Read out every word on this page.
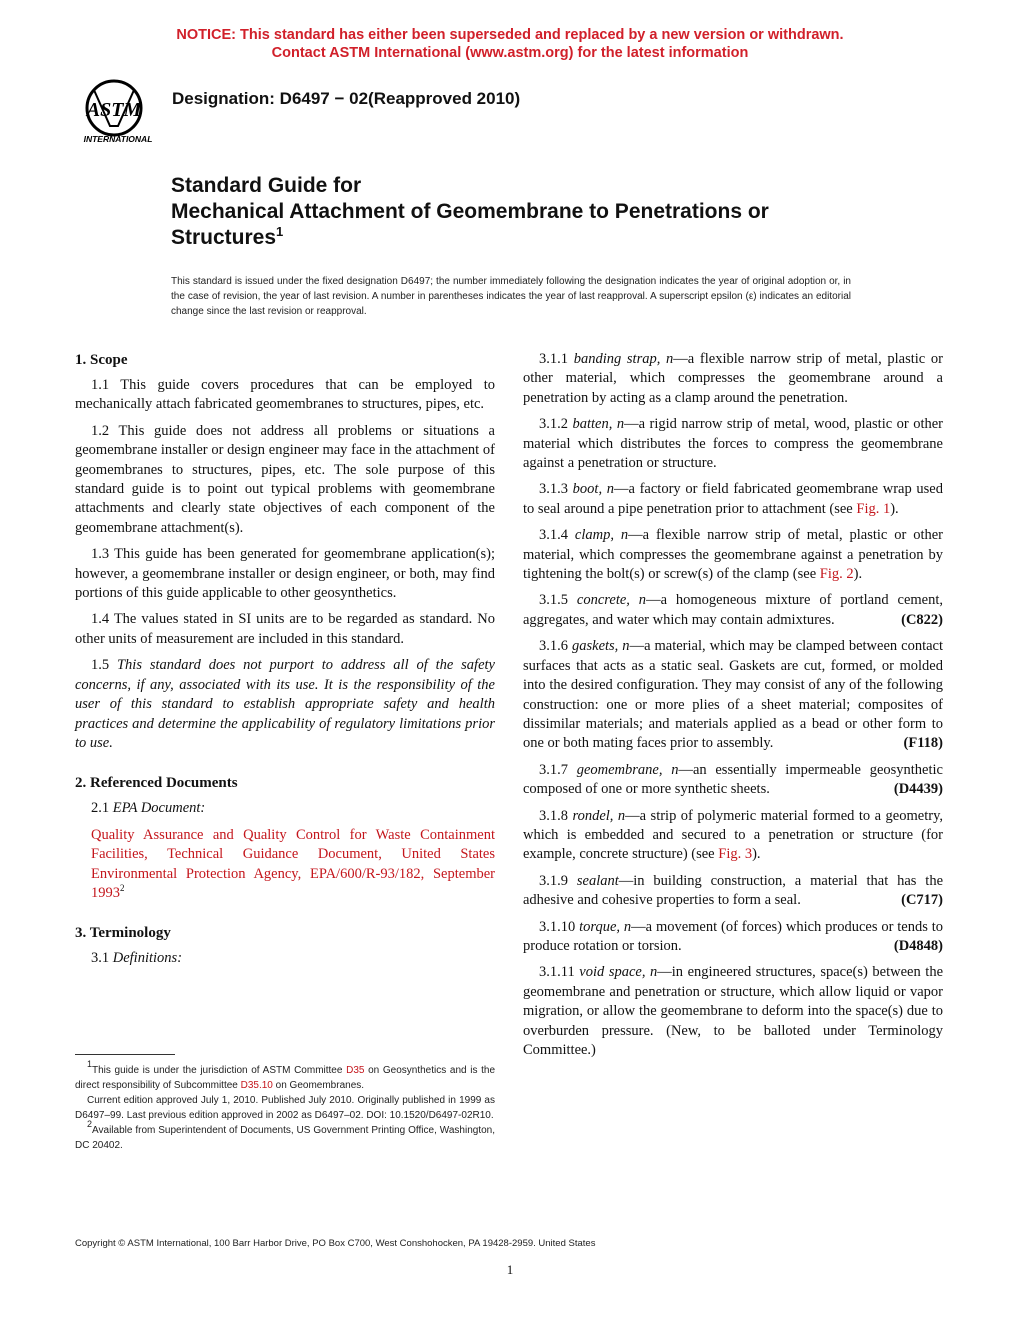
NOTICE: This standard has either been superseded and replaced by a new version or withdrawn.
Contact ASTM International (www.astm.org) for the latest information
ASTM
INTERNATIONAL
Designation: D6497 − 02(Reapproved 2010)
Standard Guide for
Mechanical Attachment of Geomembrane to Penetrations or
Structures$^1$
This standard is issued under the fixed designation D6497; the number immediately following the designation indicates the year of original adoption or, in the case of revision, the year of last revision. A number in parentheses indicates the year of last reapproval. A superscript epsilon (ε) indicates an editorial change since the last revision or reapproval.
1. Scope

1.1 This guide covers procedures that can be employed to mechanically attach fabricated geomembranes to structures, pipes, etc.

1.2 This guide does not address all problems or situations a geomembrane installer or design engineer may face in the attachment of geomembranes to structures, pipes, etc. The sole purpose of this standard guide is to point out typical problems with geomembrane attachments and clearly state objectives of each component of the geomembrane attachment(s).

1.3 This guide has been generated for geomembrane application(s); however, a geomembrane installer or design engineer, or both, may find portions of this guide applicable to other geosynthetics.

1.4 The values stated in SI units are to be regarded as standard. No other units of measurement are included in this standard.

1.5 This standard does not purport to address all of the safety concerns, if any, associated with its use. It is the responsibility of the user of this standard to establish appropriate safety and health practices and determine the applicability of regulatory limitations prior to use.

2. Referenced Documents

2.1 EPA Document:

Quality Assurance and Quality Control for Waste Containment Facilities, Technical Guidance Document, United States Environmental Protection Agency, EPA/600/R-93/182, September 1993$^2$

3. Terminology

3.1 Definitions:

$^1$This guide is under the jurisdiction of ASTM Committee D35 on Geosynthetics and is the direct responsibility of Subcommittee D35.10 on Geomembranes.

Current edition approved July 1, 2010. Published July 2010. Originally published in 1999 as D6497–99. Last previous edition approved in 2002 as D6497–02. DOI: 10.1520/D6497-02R10.

$^2$Available from Superintendent of Documents, US Government Printing Office, Washington, DC 20402.

3.1.1 banding strap, n—a flexible narrow strip of metal, plastic or other material, which compresses the geomembrane around a penetration by acting as a clamp around the penetration.

3.1.2 batten, n—a rigid narrow strip of metal, wood, plastic or other material which distributes the forces to compress the geomembrane against a penetration or structure.

3.1.3 boot, n—a factory or field fabricated geomembrane wrap used to seal around a pipe penetration prior to attachment (see Fig. 1).

3.1.4 clamp, n—a flexible narrow strip of metal, plastic or other material, which compresses the geomembrane against a penetration by tightening the bolt(s) or screw(s) of the clamp (see Fig. 2).

3.1.5 concrete, n—a homogeneous mixture of portland cement, aggregates, and water which may contain admixtures.	(C822)

3.1.6 gaskets, n—a material, which may be clamped between contact surfaces that acts as a static seal. Gaskets are cut, formed, or molded into the desired configuration. They may consist of any of the following construction: one or more plies of a sheet material; composites of dissimilar materials; and materials applied as a bead or other form to one or both mating faces prior to assembly.	(F118)

3.1.7 geomembrane, n—an essentially impermeable geosynthetic composed of one or more synthetic sheets.	(D4439)

3.1.8 rondel, n—a strip of polymeric material formed to a geometry, which is embedded and secured to a penetration or structure (for example, concrete structure) (see Fig. 3).

3.1.9 sealant—in building construction, a material that has the adhesive and cohesive properties to form a seal.	(C717)

3.1.10 torque, n—a movement (of forces) which produces or tends to produce rotation or torsion.	(D4848)

3.1.11 void space, n—in engineered structures, space(s) between the geomembrane and penetration or structure, which allow liquid or vapor migration, or allow the geomembrane to deform into the space(s) due to overburden pressure. (New, to be balloted under Terminology Committee.)

Copyright © ASTM International, 100 Barr Harbor Drive, PO Box C700, West Conshohocken, PA 19428-2959. United States
1
